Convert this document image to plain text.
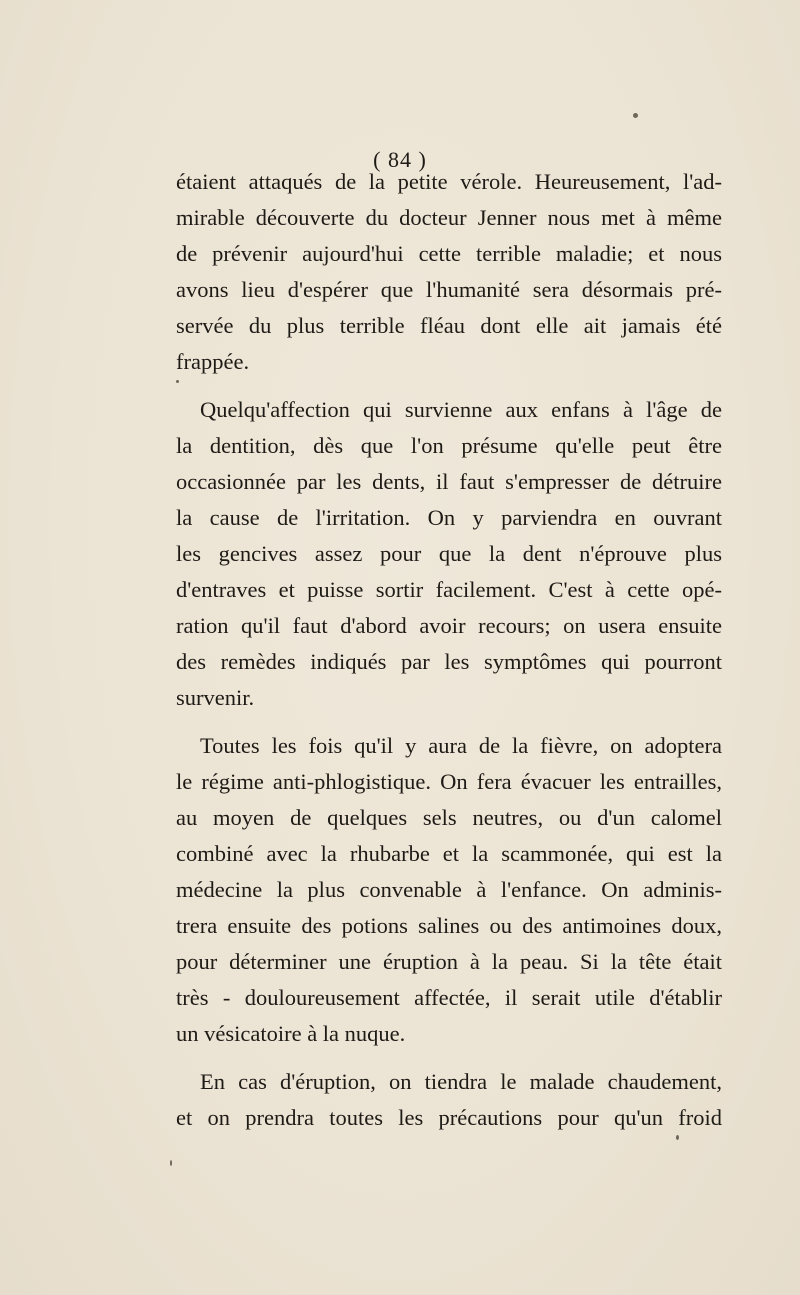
( 84 )

étaient attaqués de la petite vérole. Heureusement, l'ad-
mirable découverte du docteur Jenner nous met à même
de prévenir aujourd'hui cette terrible maladie; et nous
avons lieu d'espérer que l'humanité sera désormais pré-
servée du plus terrible fléau dont elle ait jamais été
frappée.

Quelqu'affection qui survienne aux enfans à l'âge de
la dentition, dès que l'on présume qu'elle peut être
occasionnée par les dents, il faut s'empresser de détruire
la cause de l'irritation. On y parviendra en ouvrant
les gencives assez pour que la dent n'éprouve plus
d'entraves et puisse sortir facilement. C'est à cette opé-
ration qu'il faut d'abord avoir recours; on usera ensuite
des remèdes indiqués par les symptômes qui pourront
survenir.

Toutes les fois qu'il y aura de la fièvre, on adoptera
le régime anti-phlogistique. On fera évacuer les entrailles,
au moyen de quelques sels neutres, ou d'un calomel
combiné avec la rhubarbe et la scammonée, qui est la
médecine la plus convenable à l'enfance. On adminis-
trera ensuite des potions salines ou des antimoines doux,
pour déterminer une éruption à la peau. Si la tête était
très - douloureusement affectée, il serait utile d'établir
un vésicatoire à la nuque.

En cas d'éruption, on tiendra le malade chaudement,
et on prendra toutes les précautions pour qu'un froid
